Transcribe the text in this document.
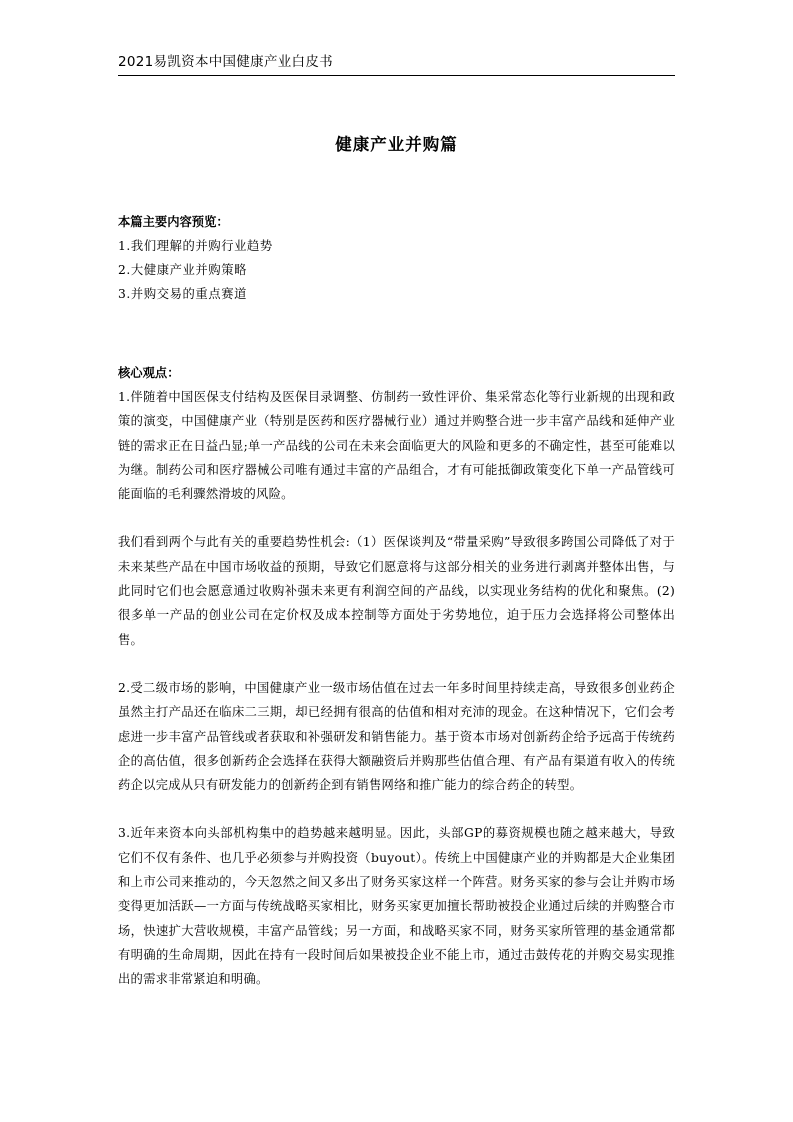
2021易凯资本中国健康产业白皮书
健康产业并购篇
本篇主要内容预览：
1.我们理解的并购行业趋势
2.大健康产业并购策略
3.并购交易的重点赛道
核心观点：

1.伴随着中国医保支付结构及医保目录调整、仿制药一致性评价、集采常态化等行业新规的出现和政策的演变，中国健康产业（特别是医药和医疗器械行业）通过并购整合进一步丰富产品线和延伸产业链的需求正在日益凸显;单一产品线的公司在未来会面临更大的风险和更多的不确定性，甚至可能难以为继。制药公司和医疗器械公司唯有通过丰富的产品组合，才有可能抵御政策变化下单一产品管线可能面临的毛利骤然滑坡的风险。

我们看到两个与此有关的重要趋势性机会:（1）医保谈判及“带量采购”导致很多跨国公司降低了对于未来某些产品在中国市场收益的预期，导致它们愿意将与这部分相关的业务进行剥离并整体出售，与此同时它们也会愿意通过收购补强未来更有利润空间的产品线，以实现业务结构的优化和聚焦。(2)很多单一产品的创业公司在定价权及成本控制等方面处于劣势地位，迫于压力会选择将公司整体出售。

2.受二级市场的影响，中国健康产业一级市场估值在过去一年多时间里持续走高，导致很多创业药企虽然主打产品还在临床二三期，却已经拥有很高的估值和相对充沛的现金。在这种情况下，它们会考虑进一步丰富产品管线或者获取和补强研发和销售能力。基于资本市场对创新药企给予远高于传统药企的高估值，很多创新药企会选择在获得大额融资后并购那些估值合理、有产品有渠道有收入的传统药企以完成从只有研发能力的创新药企到有销售网络和推广能力的综合药企的转型。

3.近年来资本向头部机构集中的趋势越来越明显。因此，头部GP的募资规模也随之越来越大，导致它们不仅有条件、也几乎必须参与并购投资（buyout）。传统上中国健康产业的并购都是大企业集团和上市公司来推动的，今天忽然之间又多出了财务买家这样一个阵营。财务买家的参与会让并购市场变得更加活跃—一方面与传统战略买家相比，财务买家更加擅长帮助被投企业通过后续的并购整合市场，快速扩大营收规模，丰富产品管线；另一方面，和战略买家不同，财务买家所管理的基金通常都有明确的生命周期，因此在持有一段时间后如果被投企业不能上市，通过击鼓传花的并购交易实现推出的需求非常紧迫和明确。
